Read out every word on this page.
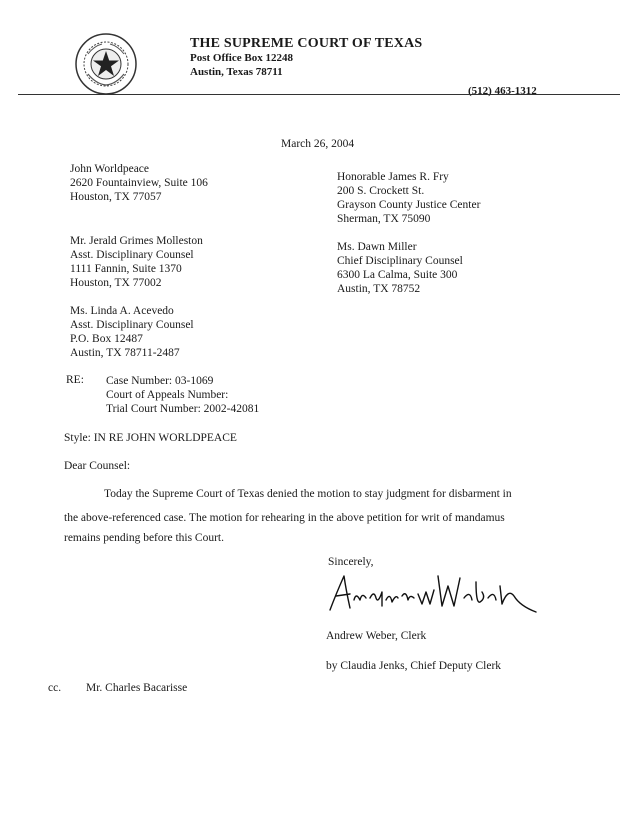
THE SUPREME COURT OF TEXAS
Post Office Box 12248
Austin, Texas 78711
(512) 463-1312
March 26, 2004
John Worldpeace
2620 Fountainview, Suite 106
Houston, TX 77057
Mr. Jerald Grimes Molleston
Asst. Disciplinary Counsel
1111 Fannin, Suite 1370
Houston, TX 77002
Ms. Linda A. Acevedo
Asst. Disciplinary Counsel
P.O. Box 12487
Austin, TX 78711-2487
Honorable James R. Fry
200 S. Crockett St.
Grayson County Justice Center
Sherman, TX 75090
Ms. Dawn Miller
Chief Disciplinary Counsel
6300 La Calma, Suite 300
Austin, TX 78752
RE: Case Number: 03-1069
Court of Appeals Number:
Trial Court Number: 2002-42081
Style: IN RE JOHN WORLDPEACE
Dear Counsel:
Today the Supreme Court of Texas denied the motion to stay judgment for disbarment in
the above-referenced case. The motion for rehearing in the above petition for writ of mandamus
remains pending before this Court.
Sincerely,
Andrew Weber, Clerk
by Claudia Jenks, Chief Deputy Clerk
cc. Mr. Charles Bacarisse
